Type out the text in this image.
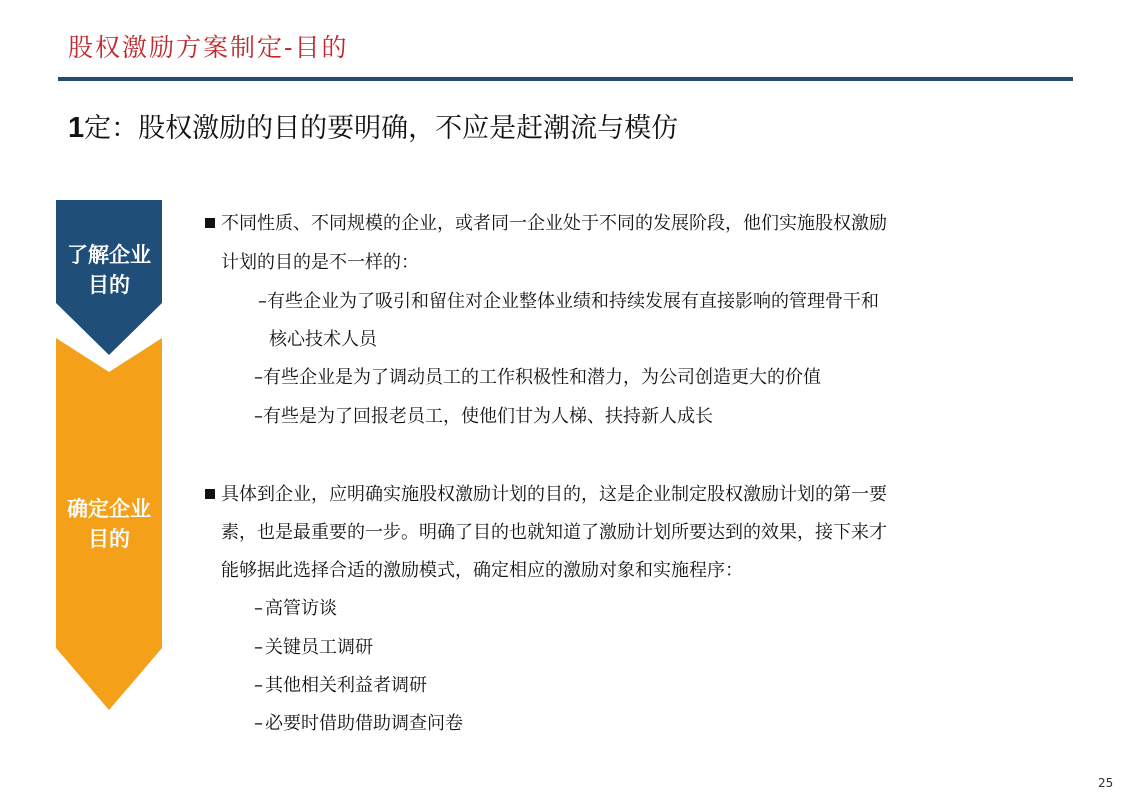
股权激励方案制定-目的
1定：股权激励的目的要明确，不应是赶潮流与模仿
了解企业
目的
确定企业
目的
不同性质、不同规模的企业，或者同一企业处于不同的发展阶段，他们实施股权激励
计划的目的是不一样的：
–有些企业为了吸引和留住对企业整体业绩和持续发展有直接影响的管理骨干和
核心技术人员
–有些企业是为了调动员工的工作积极性和潜力，为公司创造更大的价值
–有些是为了回报老员工，使他们甘为人梯、扶持新人成长
具体到企业，应明确实施股权激励计划的目的，这是企业制定股权激励计划的第一要
素，也是最重要的一步。明确了目的也就知道了激励计划所要达到的效果，接下来才
能够据此选择合适的激励模式，确定相应的激励对象和实施程序：
– 高管访谈
– 关键员工调研
– 其他相关利益者调研
– 必要时借助借助调查问卷
25
